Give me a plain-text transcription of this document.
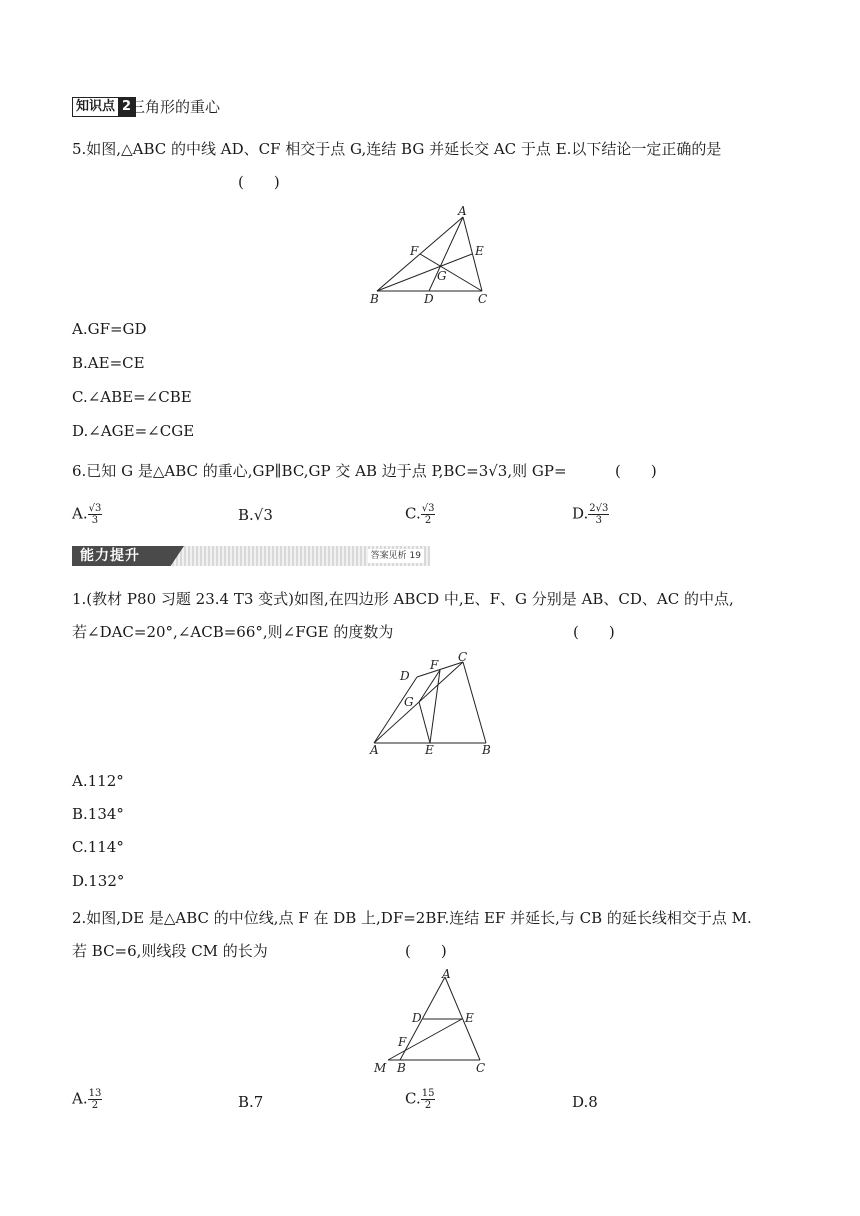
知识点 2
三角形的重心
5.如图,△ABC 的中线 AD、CF 相交于点 G,连结 BG 并延长交 AC 于点 E.以下结论一定正确的是
(　　)
A
B	C
D
E
F
G
A.GF=GD
B.AE=CE
C.∠ABE=∠CBE
D.∠AGE=∠CGE
6.已知 G 是△ABC 的重心,GP∥BC,GP 交 AB 边于点 P,BC=3√3,则 GP=	(　　)
A. $\frac{√3}{3}$	B.√3	C. $\frac{√3}{2}$	D. $\frac{2√3}{3}$
能力提升	答案见析 19
1.(教材 P80 习题 23.4 T3 变式)如图,在四边形 ABCD 中,E、F、G 分别是 AB、CD、AC 的中点,
若∠DAC=20°,∠ACB=66°,则∠FGE 的度数为	(　　)
A	B
C
D
E
F
G
A.112°
B.134°
C.114°
D.132°
2.如图,DE 是△ABC 的中位线,点 F 在 DB 上,DF=2BF.连结 EF 并延长,与 CB 的延长线相交于点 M.
若 BC=6,则线段 CM 的长为	(　　)
A
B	C
D	E
F
M
A. $\frac{13}{2}$	B.7	C. $\frac{15}{2}$	D.8
